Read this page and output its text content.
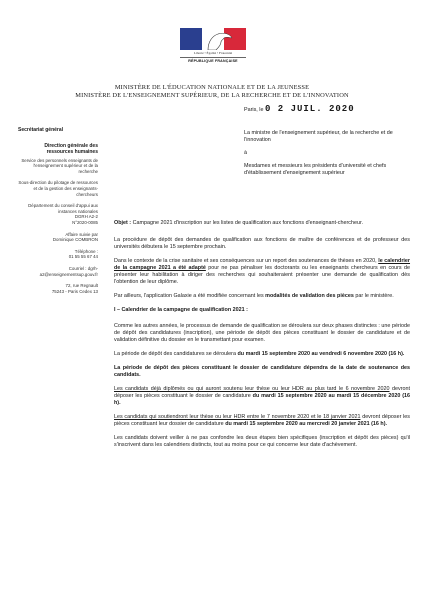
Liberté • Égalité • Fraternité
RÉPUBLIQUE FRANÇAISE
MINISTÈRE DE L'ÉDUCATION NATIONALE ET DE LA JEUNESSE
MINISTÈRE DE L'ENSEIGNEMENT SUPÉRIEUR, DE LA RECHERCHE ET DE L'INNOVATION
Paris, le 0 2 JUIL. 2020
Secrétariat général
Direction générale des ressources humaines
Service des personnels enseignants de l'enseignement supérieur et de la recherche
Sous-direction du pilotage de ressources et de la gestion des enseignants-chercheurs
Département du conseil d'appui aux instances nationales
DGRH A2-2
N°2020-0085
Affaire suivie par
Dominique COMBRON
Téléphone :
01 55 55 67 44
Courriel : dgrh-a2@enseignementsup.gouv.fr
72, rue Regnault
75243 - Paris Cedex 13
La ministre de l'enseignement supérieur, de la recherche et de l'innovation
à
Mesdames et messieurs les présidents d'université et chefs d'établissement d'enseignement supérieur

Objet : Campagne 2021 d'inscription sur les listes de qualification aux fonctions d'enseignant-chercheur.

La procédure de dépôt des demandes de qualification aux fonctions de maître de conférences et de professeur des universités débutera le 15 septembre prochain.

Dans le contexte de la crise sanitaire et ses conséquences sur un report des soutenances de thèses en 2020, le calendrier de la campagne 2021 a été adapté pour ne pas pénaliser les doctorants ou les enseignants chercheurs en cours de présenter leur habilitation à diriger des recherches qui souhaiteraient présenter une demande de qualification dès l'obtention de leur diplôme.

Par ailleurs, l'application Galaxie a été modifiée concernant les modalités de validation des pièces par le ministère.

I – Calendrier de la campagne de qualification 2021 :

Comme les autres années, le processus de demande de qualification se déroulera sur deux phases distinctes : une période de dépôt des candidatures (inscription), une période de dépôt des pièces constituant le dossier de candidature et de validation définitive du dossier en le transmettant pour examen.

La période de dépôt des candidatures se déroulera du mardi 15 septembre 2020 au vendredi 6 novembre 2020 (16 h).

La période de dépôt des pièces constituant le dossier de candidature dépendra de la date de soutenance des candidats.

Les candidats déjà diplômés ou qui auront soutenu leur thèse ou leur HDR au plus tard le 6 novembre 2020 devront déposer les pièces constituant le dossier de candidature du mardi 15 septembre 2020 au mardi 15 décembre 2020 (16 h).

Les candidats qui soutiendront leur thèse ou leur HDR entre le 7 novembre 2020 et le 18 janvier 2021 devront déposer les pièces constituant leur dossier de candidature du mardi 15 septembre 2020 au mercredi 20 janvier 2021 (16 h).

Les candidats doivent veiller à ne pas confondre les deux étapes bien spécifiques (inscription et dépôt des pièces) qu'il s'inscrivent dans les calendriers distincts, tout au moins pour ce qui concerne leur date d'achèvement.
